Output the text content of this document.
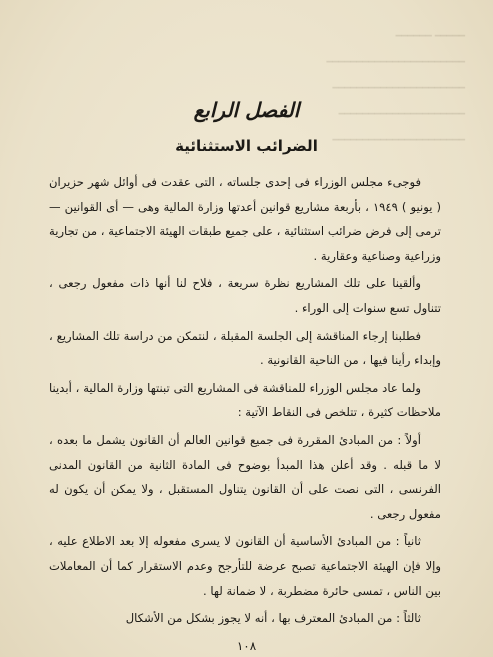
━━━━━ ━━━━━━
━━━━━━━━━━━━━━━━━━━━━━━
━━━━━━━━━━━━━━━━━━━━━━
━━━━━━━━━━━━━━━━━━━━━
━━━━━━━━━━━━━━━━━━━━━━
الفصل الرابع
الضرائب الاستثنائية

فوجىء مجلس الوزراء فى إحدى جلساته ، التى عقدت فى أوائل شهر حزيران ( يونيو ) ١٩٤٩ ، بأربعة مشاريع قوانين أعدتها وزارة المالية وهى — أى القوانين — ترمى إلى فرض ضرائب استثنائية ، على جميع طبقات الهيئة الاجتماعية ، من تجارية وزراعية وصناعية وعقارية .

وألقينا على تلك المشاريع نظرة سريعة ، فلاح لنا أنها ذات مفعول رجعى ، تتناول تسع سنوات إلى الوراء .

فطلبنا إرجاء المناقشة إلى الجلسة المقبلة ، لنتمكن من دراسة تلك المشاريع ، وإبداء رأينا فيها ، من الناحية القانونية .

ولما عاد مجلس الوزراء للمناقشة فى المشاريع التى تبنتها وزارة المالية ، أبدينا ملاحظات كثيرة ، تتلخص فى النقاط الآتية :

أولاً : من المبادئ المقررة فى جميع قوانين العالم أن القانون يشمل ما بعده ، لا ما قبله . وقد أعلن هذا المبدأ بوضوح فى المادة الثانية من القانون المدنى الفرنسى ، التى نصت على أن القانون يتناول المستقبل ، ولا يمكن أن يكون له مفعول رجعى .

ثانياً : من المبادئ الأساسية أن القانون لا يسرى مفعوله إلا بعد الاطلاع عليه ، وإلا فإن الهيئة الاجتماعية تصبح عرضة للتأرجح وعدم الاستقرار كما أن المعاملات بين الناس ، تمسى حائرة مضطربة ، لا ضمانة لها .

ثالثاً : من المبادئ المعترف بها ، أنه لا يجوز بشكل من الأشكال

١٠٨
